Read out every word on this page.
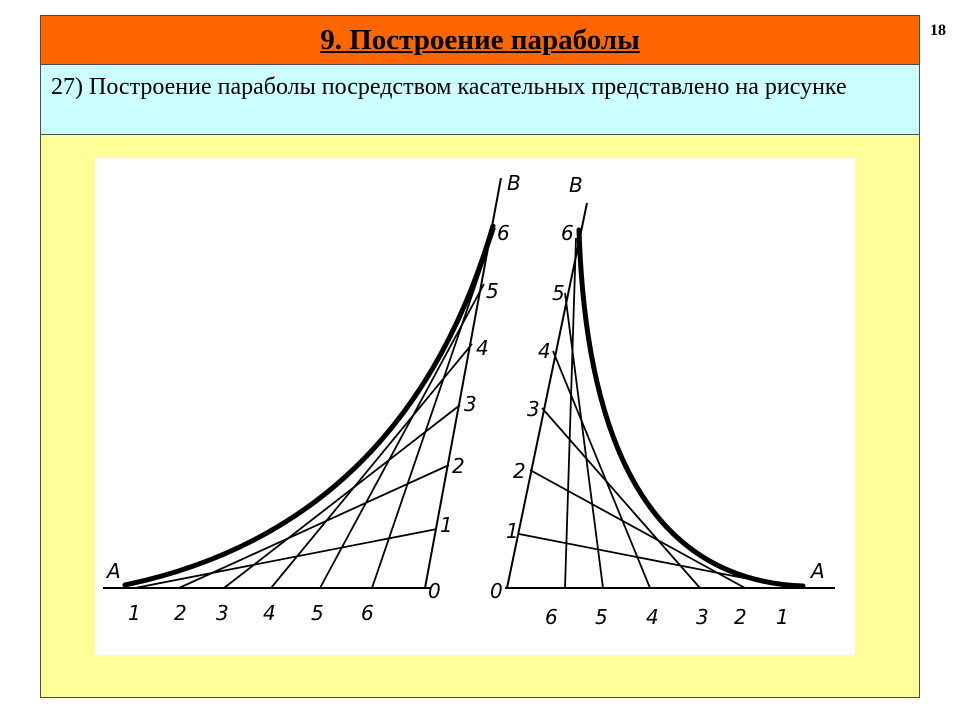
18
9. Построение параболы
27) Построение параболы посредством касательных представлено на рисунке
A
B
0
1 2 3 4 5 6
1
2
3
4
5
6
A
B
0
6 5 4 3 2 1
1
2
3
4
5
6
